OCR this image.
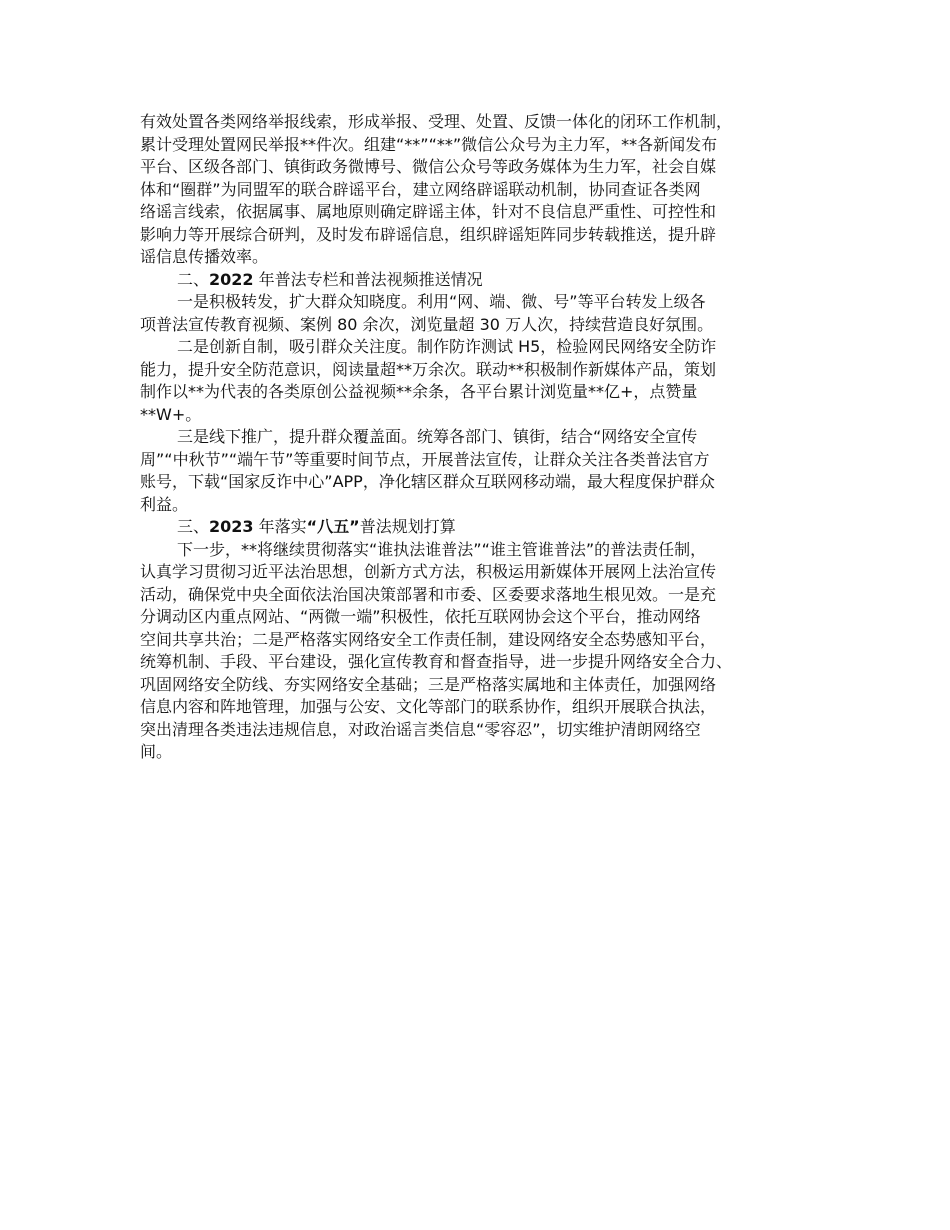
有效处置各类网络举报线索，形成举报、受理、处置、反馈一体化的闭环工作机制，
累计受理处置网民举报**件次。组建“**”“**”微信公众号为主力军，**各新闻发布
平台、区级各部门、镇街政务微博号、微信公众号等政务媒体为生力军，社会自媒
体和“圈群”为同盟军的联合辟谣平台，建立网络辟谣联动机制，协同查证各类网
络谣言线索，依据属事、属地原则确定辟谣主体，针对不良信息严重性、可控性和
影响力等开展综合研判，及时发布辟谣信息，组织辟谣矩阵同步转载推送，提升辟
谣信息传播效率。
二、2022 年普法专栏和普法视频推送情况
一是积极转发，扩大群众知晓度。利用“网、端、微、号”等平台转发上级各
项普法宣传教育视频、案例 80 余次，浏览量超 30 万人次，持续营造良好氛围。
二是创新自制，吸引群众关注度。制作防诈测试 H5，检验网民网络安全防诈
能力，提升安全防范意识，阅读量超**万余次。联动**积极制作新媒体产品，策划
制作以**为代表的各类原创公益视频**余条，各平台累计浏览量**亿+，点赞量
**W+。
三是线下推广，提升群众覆盖面。统筹各部门、镇街，结合“网络安全宣传
周”“中秋节”“端午节”等重要时间节点，开展普法宣传，让群众关注各类普法官方
账号，下载“国家反诈中心”APP，净化辖区群众互联网移动端，最大程度保护群众
利益。
三、2023 年落实“八五”普法规划打算
下一步，**将继续贯彻落实“谁执法谁普法”“谁主管谁普法”的普法责任制，
认真学习贯彻习近平法治思想，创新方式方法，积极运用新媒体开展网上法治宣传
活动，确保党中央全面依法治国决策部署和市委、区委要求落地生根见效。一是充
分调动区内重点网站、“两微一端”积极性，依托互联网协会这个平台，推动网络
空间共享共治；二是严格落实网络安全工作责任制，建设网络安全态势感知平台，
统筹机制、手段、平台建设，强化宣传教育和督查指导，进一步提升网络安全合力、
巩固网络安全防线、夯实网络安全基础；三是严格落实属地和主体责任，加强网络
信息内容和阵地管理，加强与公安、文化等部门的联系协作，组织开展联合执法，
突出清理各类违法违规信息，对政治谣言类信息“零容忍”，切实维护清朗网络空
间。
